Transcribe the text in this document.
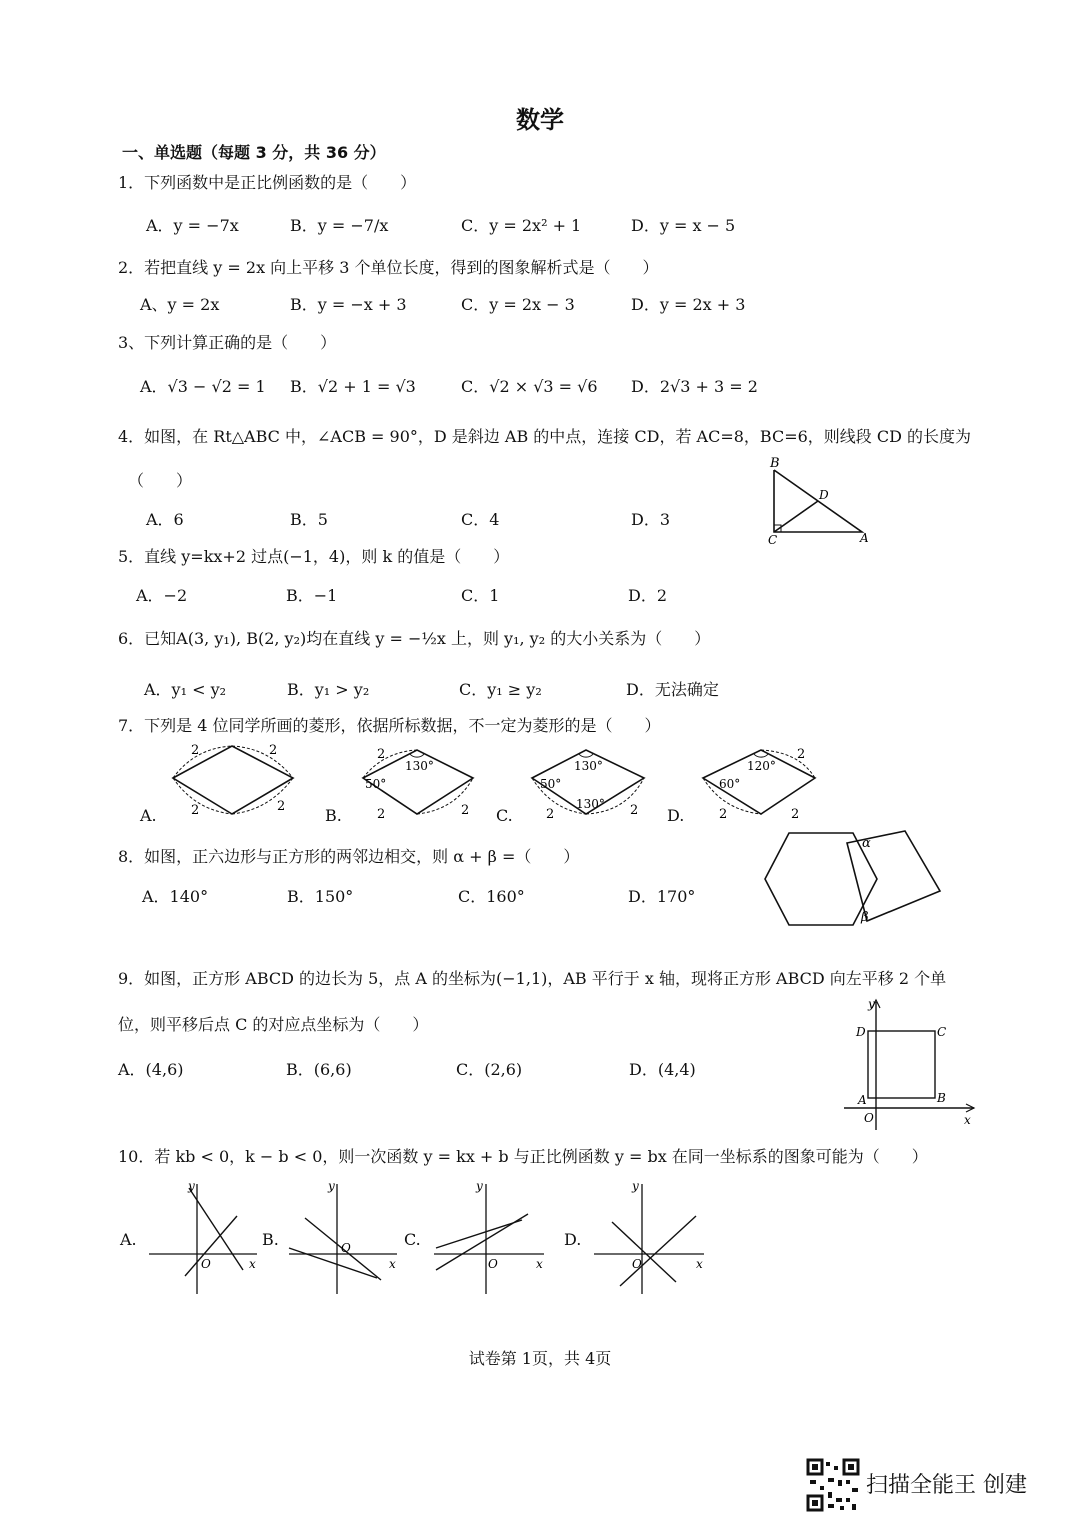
数学
一、单选题（每题 3 分，共 36 分）
1．下列函数中是正比例函数的是（　　）
A．y = −7x	B．y = −7/x	C．y = 2x² + 1	D．y = x − 5
2．若把直线 y = 2x 向上平移 3 个单位长度，得到的图象解析式是（　　）
A、y = 2x	B．y = −x + 3	C．y = 2x − 3	D．y = 2x + 3
3、下列计算正确的是（　　）
A．√3 − √2 = 1 B．√2 + 1 = √3	C．√2 × √3 = √6 D．2√3 + 3 = 2
4．如图，在 Rt△ABC 中，∠ACB = 90°，D 是斜边 AB 的中点，连接 CD，若 AC=8，BC=6，则线段 CD 的长度为
（　　）
A．6	B．5	C．4	D．3
B
D
C	A
5．直线 y=kx+2 过点(−1，4)，则 k 的值是（　　）
A．−2	B．−1	C．1	D．2
6．已知A(3, y₁), B(2, y₂)均在直线 y = −½x 上，则 y₁, y₂ 的大小关系为（　　）
A．y₁ < y₂	B．y₁ > y₂	C．y₁ ≥ y₂	D．无法确定
7．下列是 4 位同学所画的菱形，依据所标数据，不一定为菱形的是（　　）
A.	B.	C.	D.
2	2
2	2
2
130°
50°
2	2
130°
50°
130°
2	2
120°
2
60°
2	2
8．如图，正六边形与正方形的两邻边相交，则 α + β =（　　）
A．140°	B．150°	C．160°	D．170°
α
β
9．如图，正方形 ABCD 的边长为 5，点 A 的坐标为(−1,1)，AB 平行于 x 轴，现将正方形 ABCD 向左平移 2 个单
位，则平移后点 C 的对应点坐标为（　　）
A．(4,6)	B．(6,6)	C．(2,6)	D．(4,4)
y
x
D	C
A	B
O
10．若 kb < 0，k − b < 0，则一次函数 y = kx + b 与正比例函数 y = bx 在同一坐标系的图象可能为（　　）
A.	B.	C.	D.
y
x
O
y
x
O
y
x
O
y
x
O
试卷第 1页，共 4页
扫描全能王 创建
